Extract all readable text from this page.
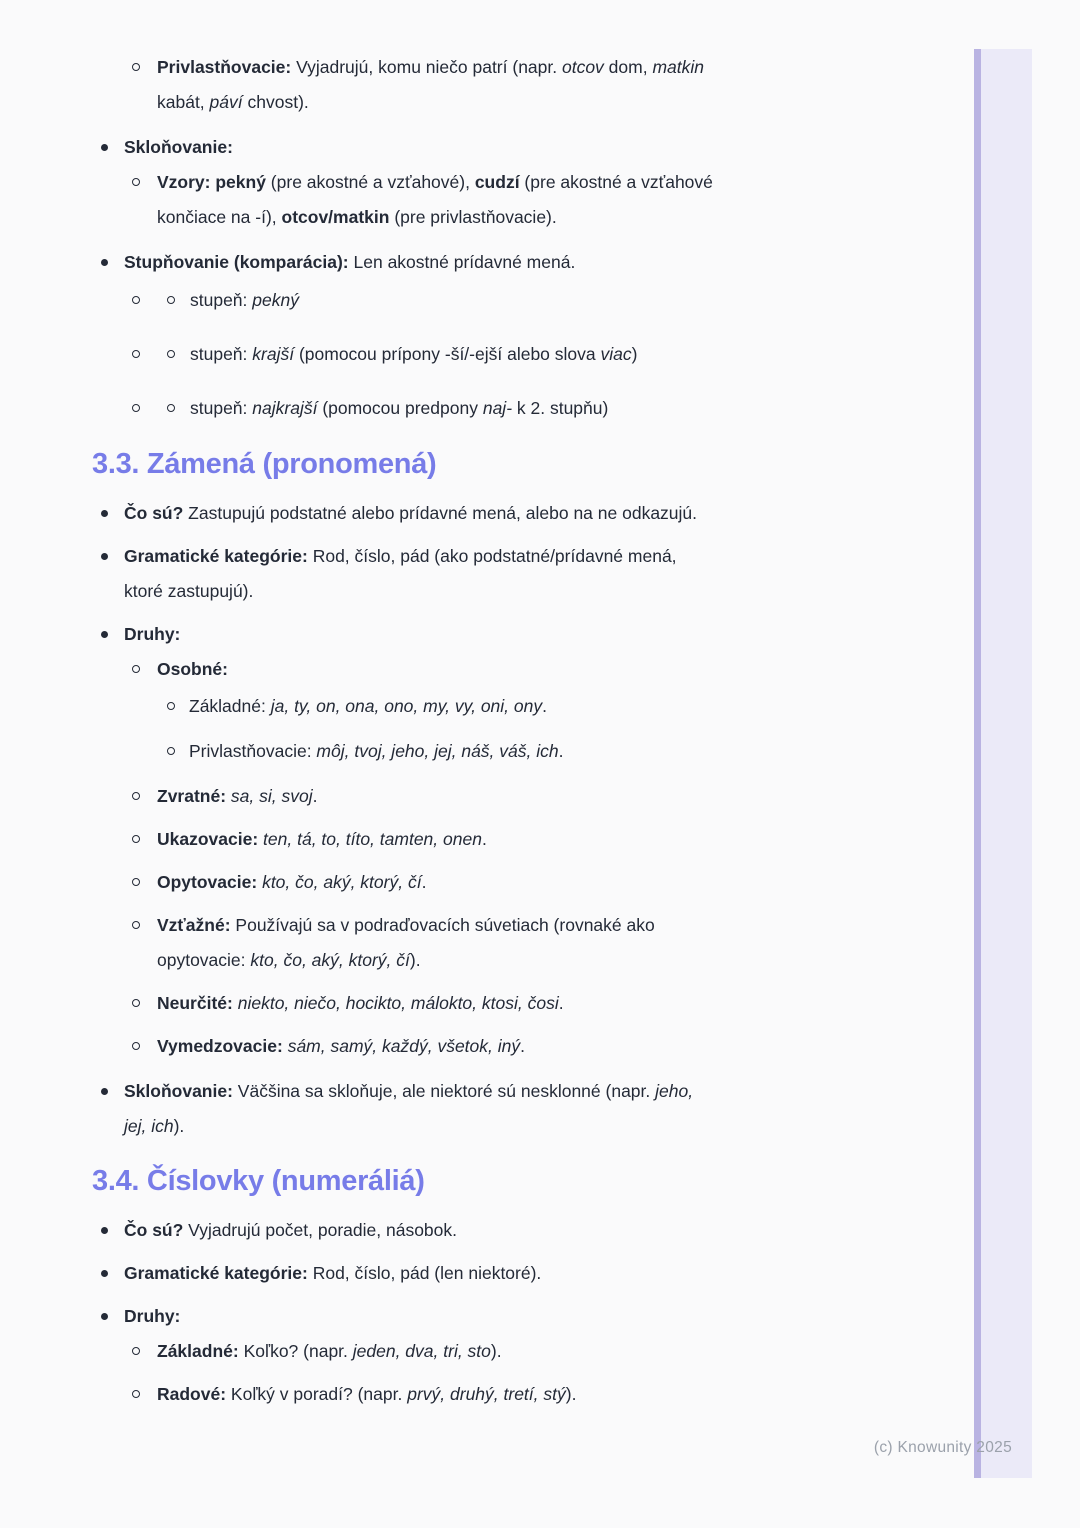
Privlastňovacie: Vyjadrujú, komu niečo patrí (napr. otcov dom, matkin
kabát, páví chvost).
Skloňovanie:
Vzory: pekný (pre akostné a vzťahové), cudzí (pre akostné a vzťahové
končiace na -í), otcov/matkin (pre privlastňovacie).
Stupňovanie (komparácia): Len akostné prídavné mená.
stupeň: pekný
stupeň: krajší (pomocou prípony -ší/-ejší alebo slova viac)
stupeň: najkrajší (pomocou predpony naj- k 2. stupňu)
3.3. Zámená (pronomená)
Čo sú? Zastupujú podstatné alebo prídavné mená, alebo na ne odkazujú.
Gramatické kategórie: Rod, číslo, pád (ako podstatné/prídavné mená,
ktoré zastupujú).
Druhy:
Osobné:
Základné: ja, ty, on, ona, ono, my, vy, oni, ony.
Privlastňovacie: môj, tvoj, jeho, jej, náš, váš, ich.
Zvratné: sa, si, svoj.
Ukazovacie: ten, tá, to, títo, tamten, onen.
Opytovacie: kto, čo, aký, ktorý, čí.
Vzťažné: Používajú sa v podraďovacích súvetiach (rovnaké ako
opytovacie: kto, čo, aký, ktorý, čí).
Neurčité: niekto, niečo, hocikto, málokto, ktosi, čosi.
Vymedzovacie: sám, samý, každý, všetok, iný.
Skloňovanie: Väčšina sa skloňuje, ale niektoré sú nesklonné (napr. jeho,
jej, ich).
3.4. Číslovky (numeráliá)
Čo sú? Vyjadrujú počet, poradie, násobok.
Gramatické kategórie: Rod, číslo, pád (len niektoré).
Druhy:
Základné: Koľko? (napr. jeden, dva, tri, sto).
Radové: Koľký v poradí? (napr. prvý, druhý, tretí, stý).
(c) Knowunity 2025
